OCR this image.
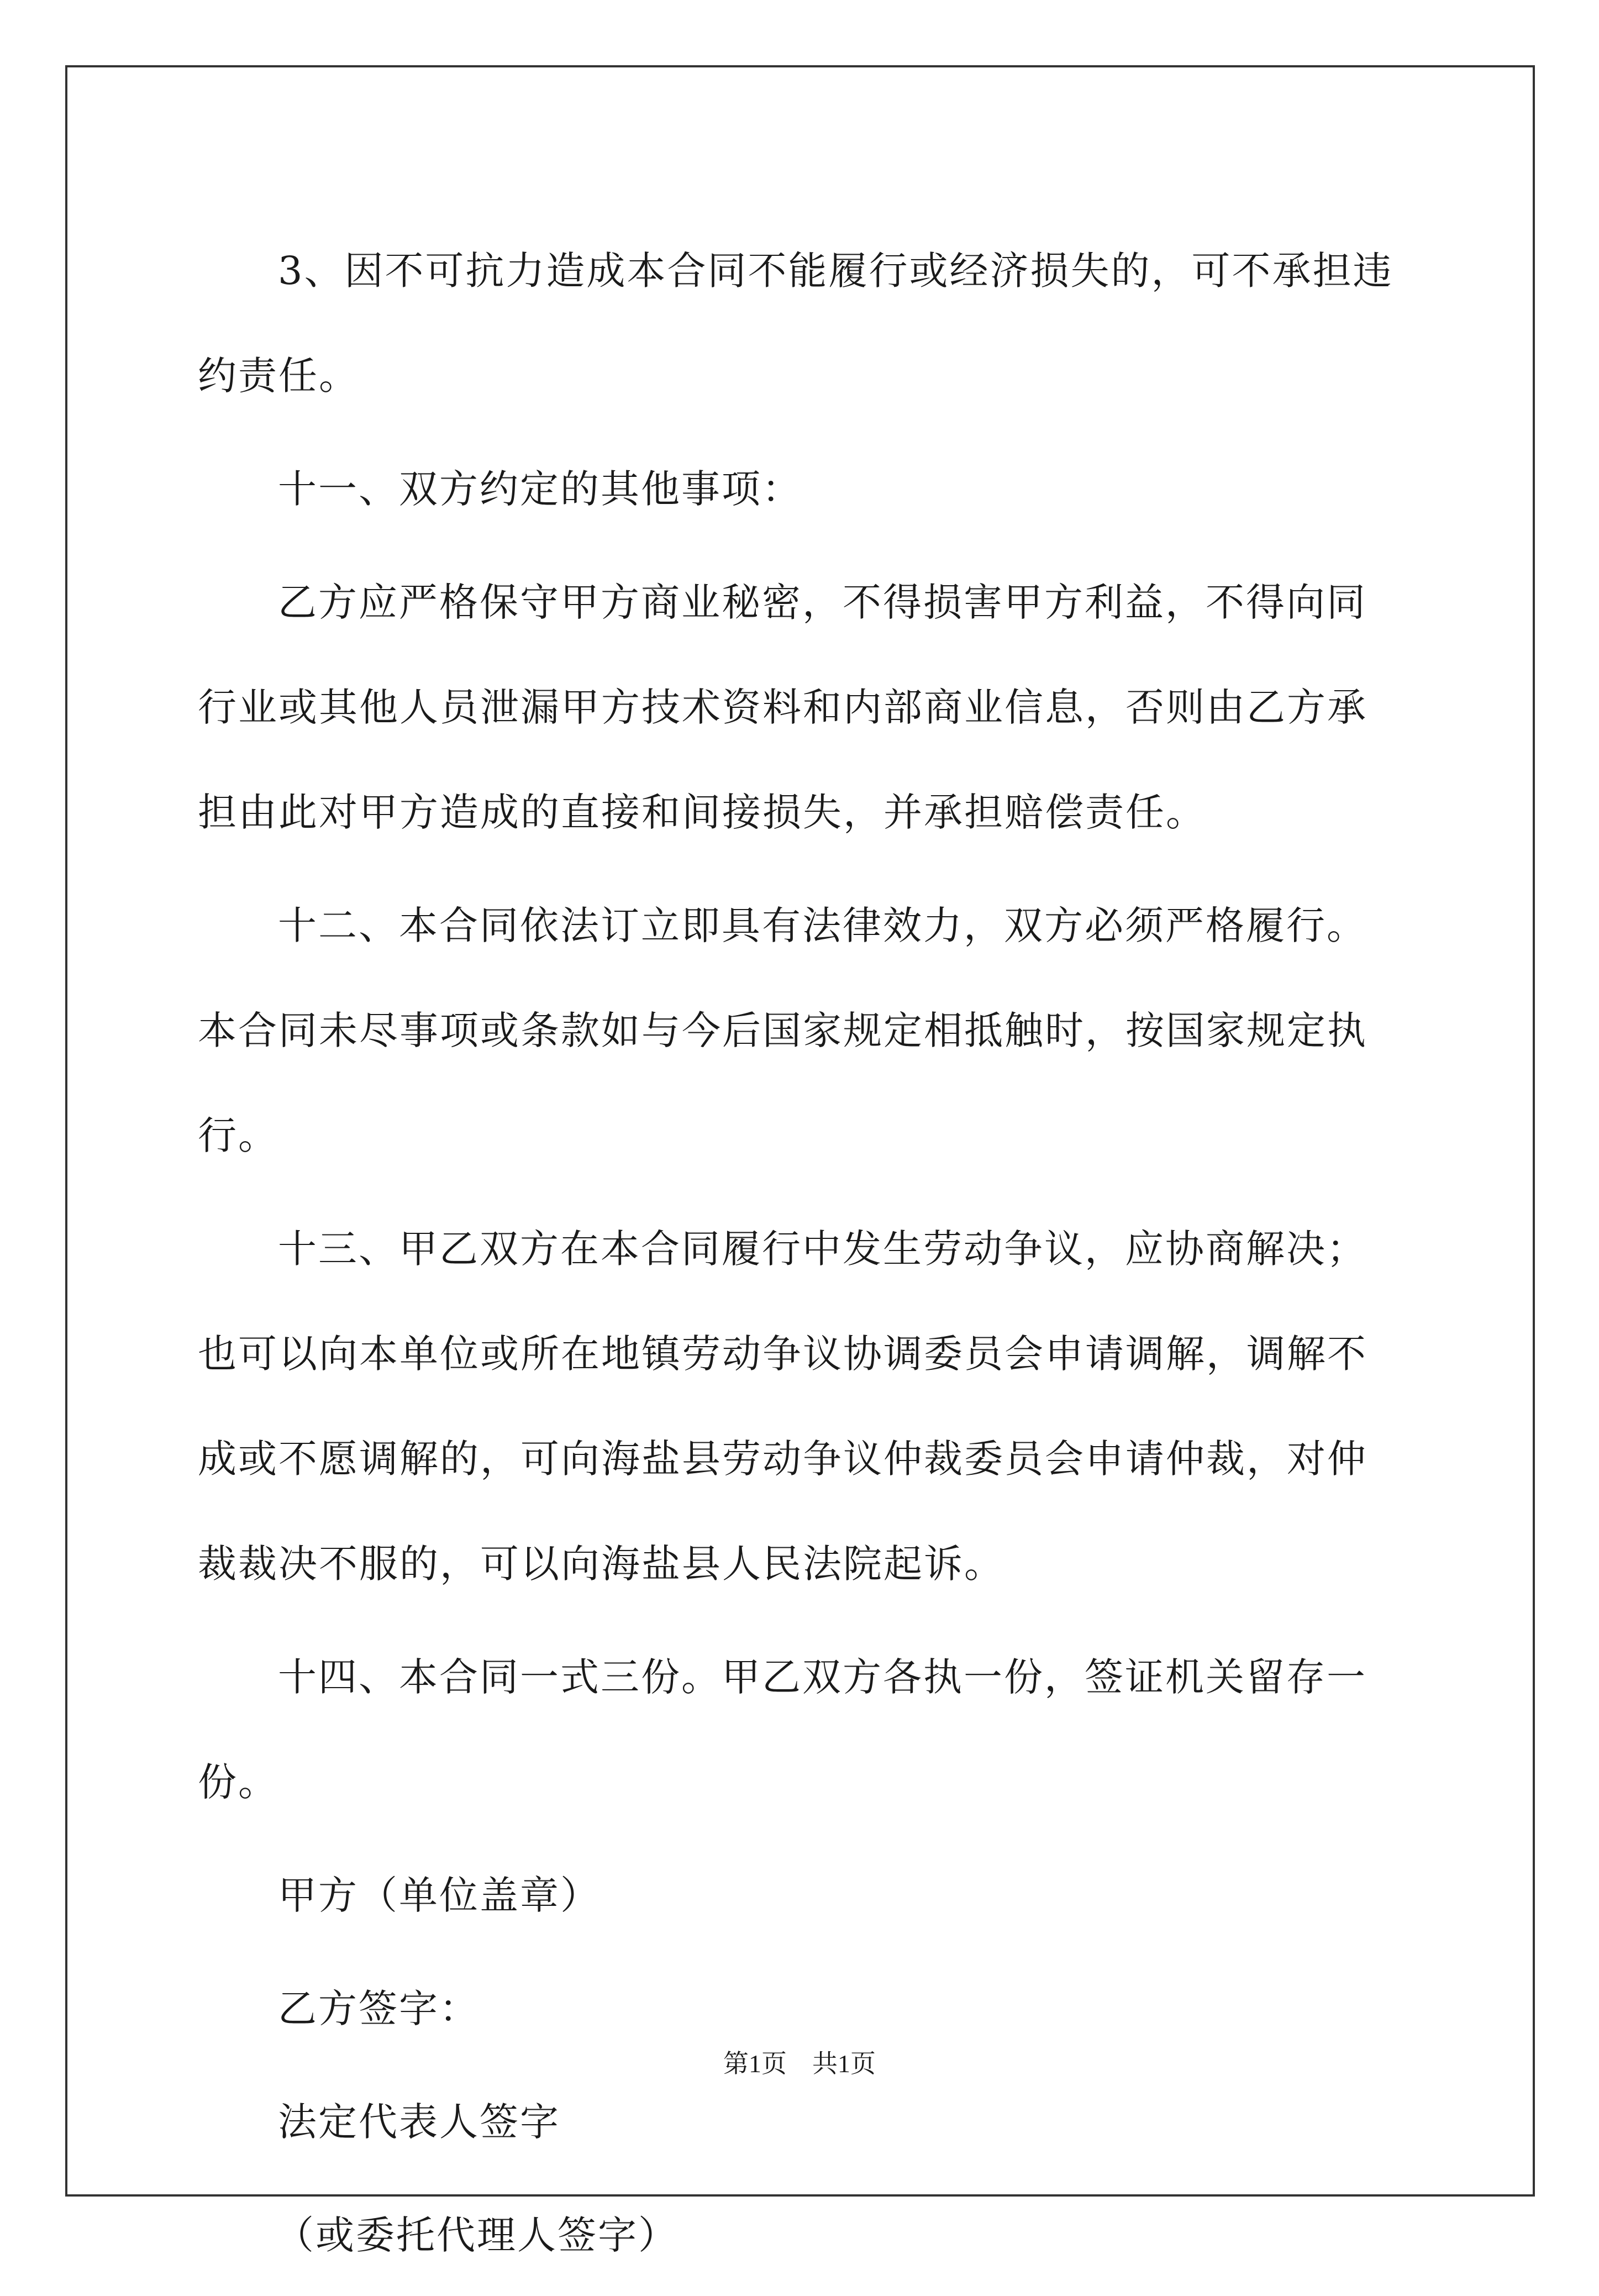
3、因不可抗力造成本合同不能履行或经济损失的，可不承担违约责任。

十一、双方约定的其他事项：

乙方应严格保守甲方商业秘密，不得损害甲方利益，不得向同行业或其他人员泄漏甲方技术资料和内部商业信息，否则由乙方承担由此对甲方造成的直接和间接损失，并承担赔偿责任。

十二、本合同依法订立即具有法律效力，双方必须严格履行。本合同未尽事项或条款如与今后国家规定相抵触时，按国家规定执行。

十三、甲乙双方在本合同履行中发生劳动争议，应协商解决；也可以向本单位或所在地镇劳动争议协调委员会申请调解，调解不成或不愿调解的，可向海盐县劳动争议仲裁委员会申请仲裁，对仲裁裁决不服的，可以向海盐县人民法院起诉。

十四、本合同一式三份。甲乙双方各执一份，签证机关留存一份。

甲方（单位盖章）

乙方签字：

法定代表人签字

（或委托代理人签字）

第1页　共1页
